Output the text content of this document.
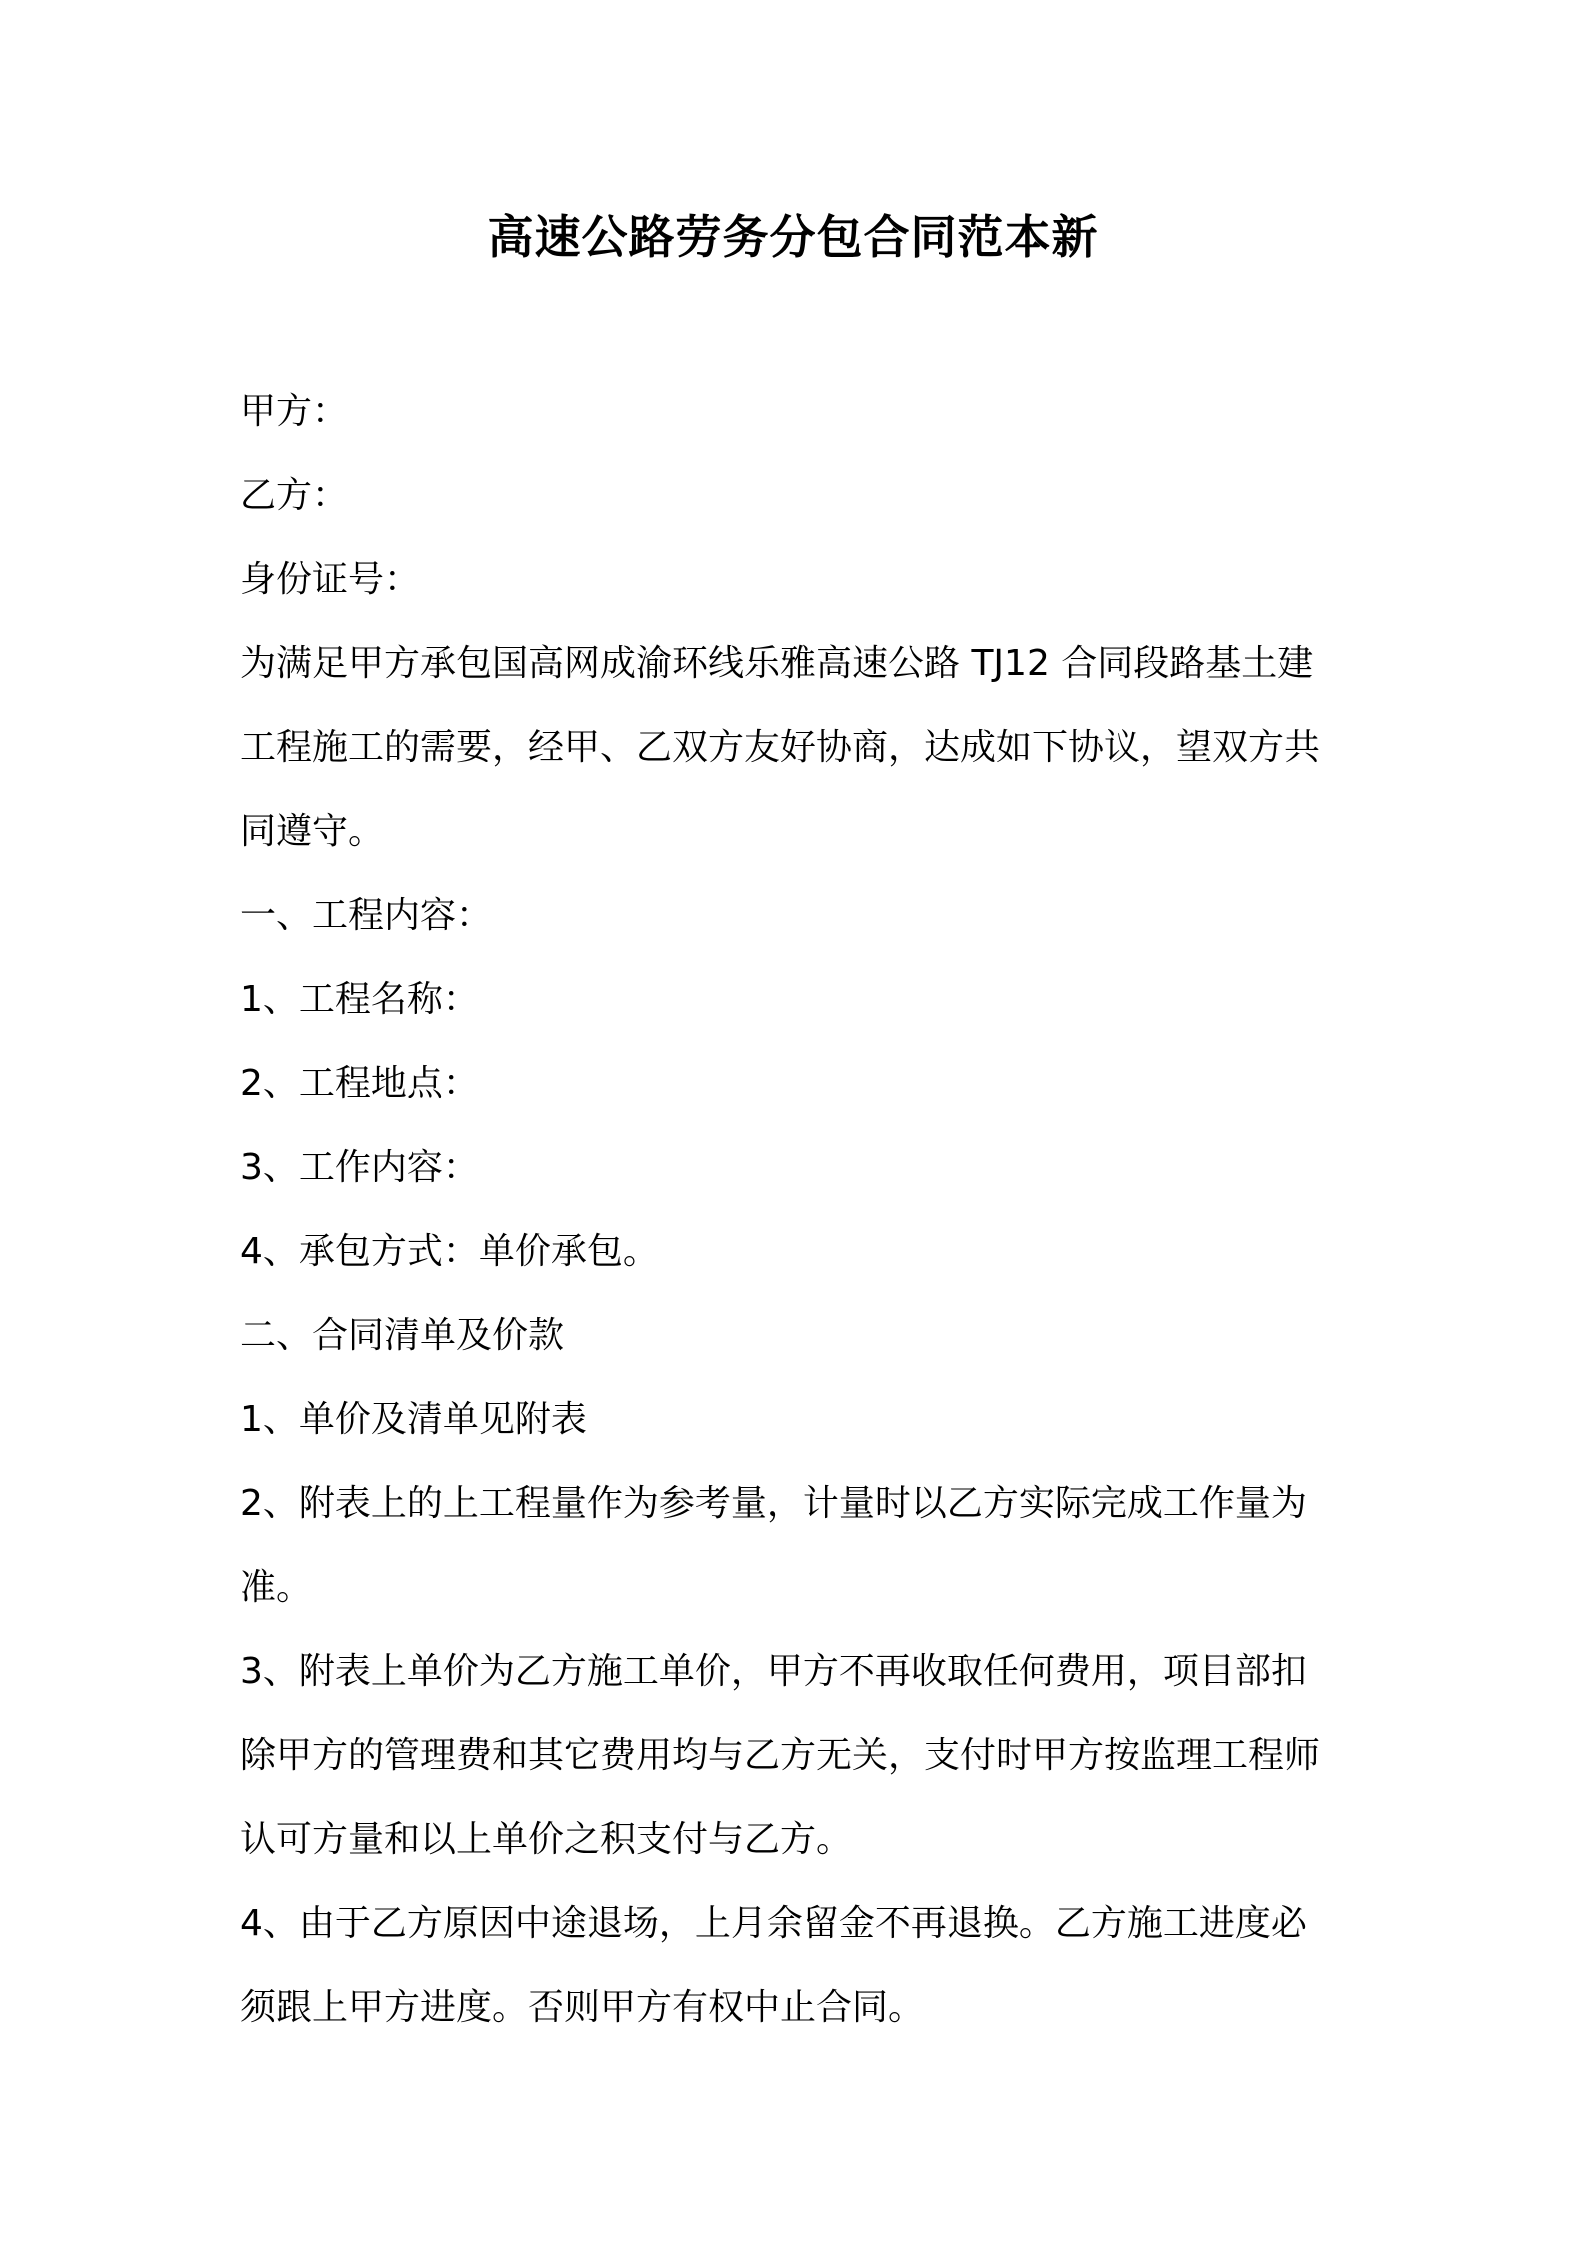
高速公路劳务分包合同范本新
甲方：
乙方：
身份证号：
为满足甲方承包国高网成渝环线乐雅高速公路 TJ12 合同段路基土建
工程施工的需要，经甲、乙双方友好协商，达成如下协议，望双方共
同遵守。
一、工程内容：
1、工程名称：
2、工程地点：
3、工作内容：
4、承包方式：单价承包。
二、合同清单及价款
1、单价及清单见附表
2、附表上的上工程量作为参考量，计量时以乙方实际完成工作量为
准。
3、附表上单价为乙方施工单价，甲方不再收取任何费用，项目部扣
除甲方的管理费和其它费用均与乙方无关，支付时甲方按监理工程师
认可方量和以上单价之积支付与乙方。
4、由于乙方原因中途退场，上月余留金不再退换。乙方施工进度必
须跟上甲方进度。否则甲方有权中止合同。
